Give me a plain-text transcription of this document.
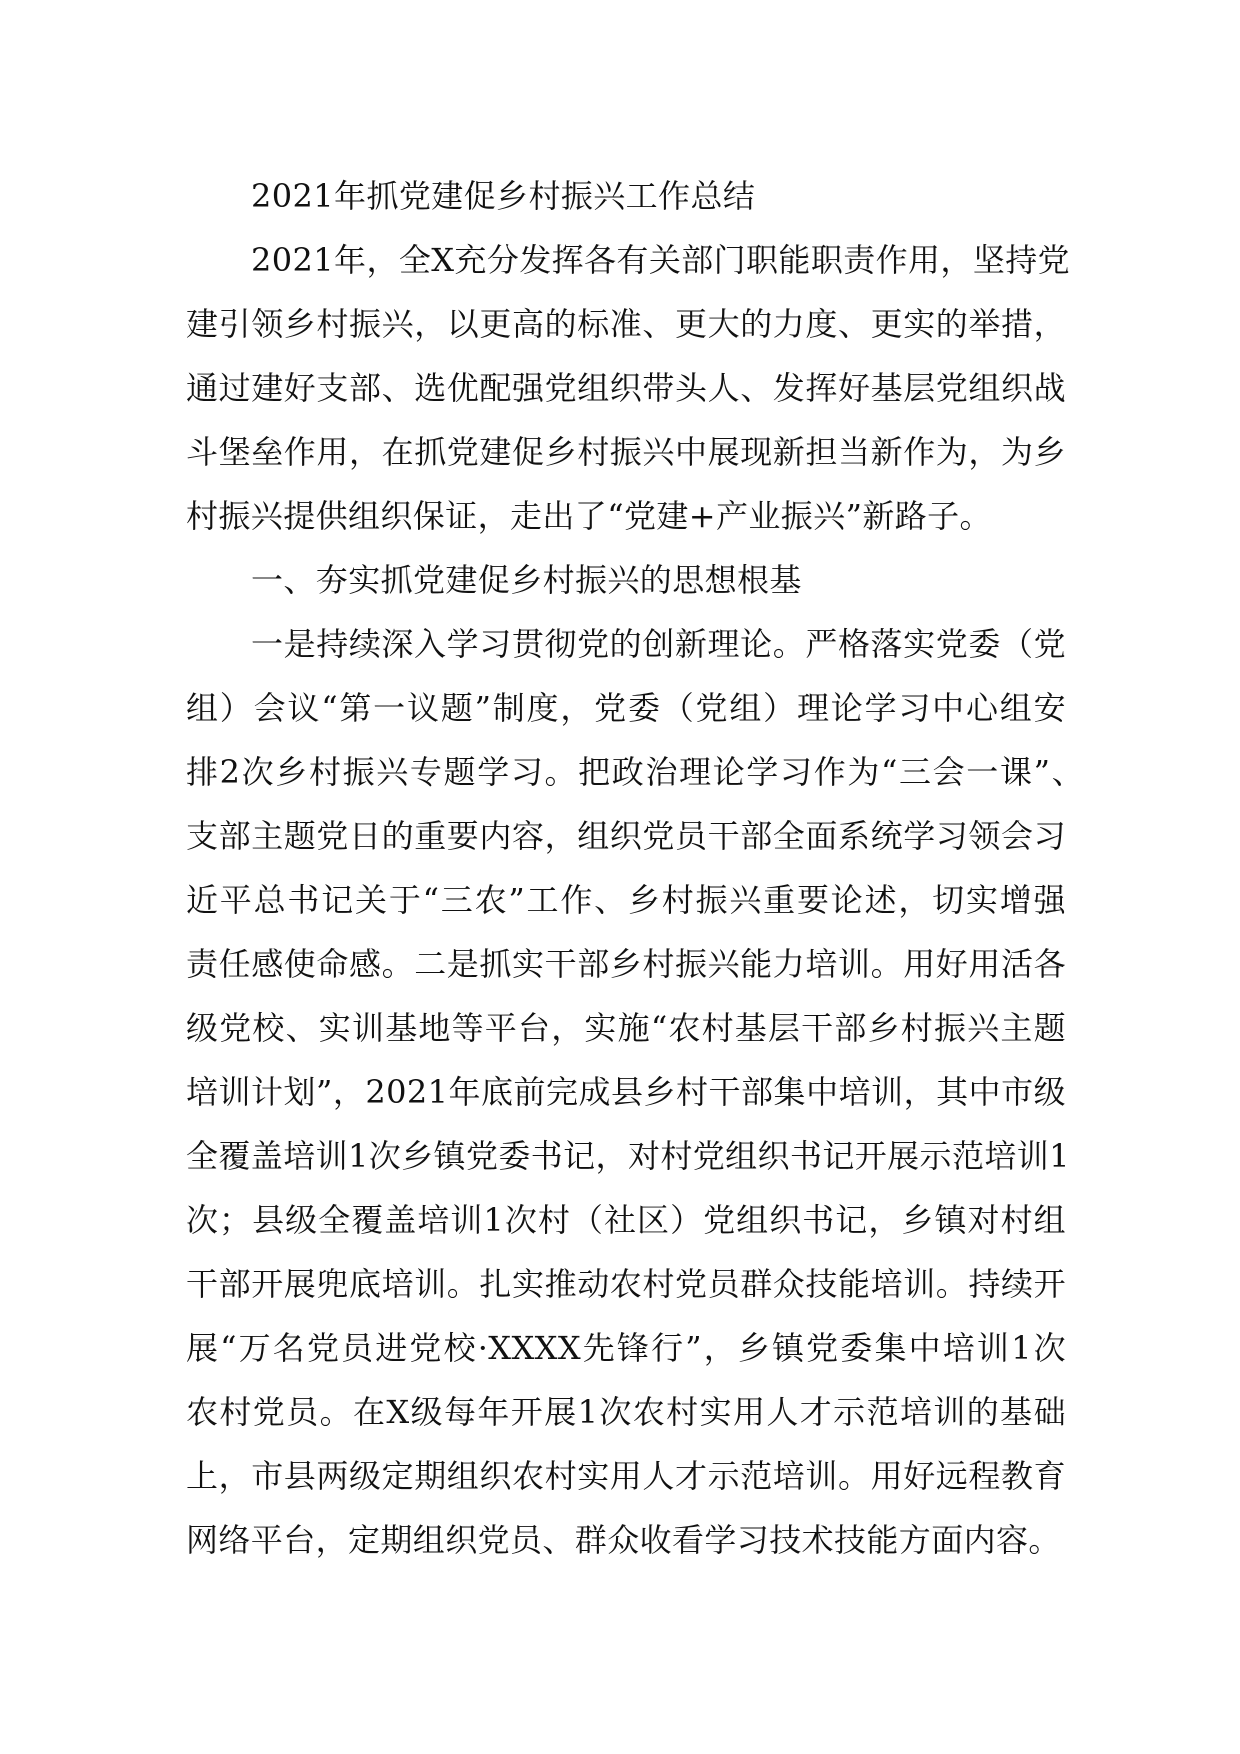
2021年抓党建促乡村振兴工作总结
2021年，全X充分发挥各有关部门职能职责作用，坚持党
建引领乡村振兴，以更高的标准、更大的力度、更实的举措，
通过建好支部、选优配强党组织带头人、发挥好基层党组织战
斗堡垒作用，在抓党建促乡村振兴中展现新担当新作为，为乡
村振兴提供组织保证，走出了“党建+产业振兴”新路子。
一、夯实抓党建促乡村振兴的思想根基
一是持续深入学习贯彻党的创新理论。严格落实党委（党
组）会议“第一议题”制度，党委（党组）理论学习中心组安
排2次乡村振兴专题学习。把政治理论学习作为“三会一课”、
支部主题党日的重要内容，组织党员干部全面系统学习领会习
近平总书记关于“三农”工作、乡村振兴重要论述，切实增强
责任感使命感。二是抓实干部乡村振兴能力培训。用好用活各
级党校、实训基地等平台，实施“农村基层干部乡村振兴主题
培训计划”，2021年底前完成县乡村干部集中培训，其中市级
全覆盖培训1次乡镇党委书记，对村党组织书记开展示范培训1
次；县级全覆盖培训1次村（社区）党组织书记，乡镇对村组
干部开展兜底培训。扎实推动农村党员群众技能培训。持续开
展“万名党员进党校·XXXX先锋行”，乡镇党委集中培训1次
农村党员。在X级每年开展1次农村实用人才示范培训的基础
上，市县两级定期组织农村实用人才示范培训。用好远程教育
网络平台，定期组织党员、群众收看学习技术技能方面内容。
